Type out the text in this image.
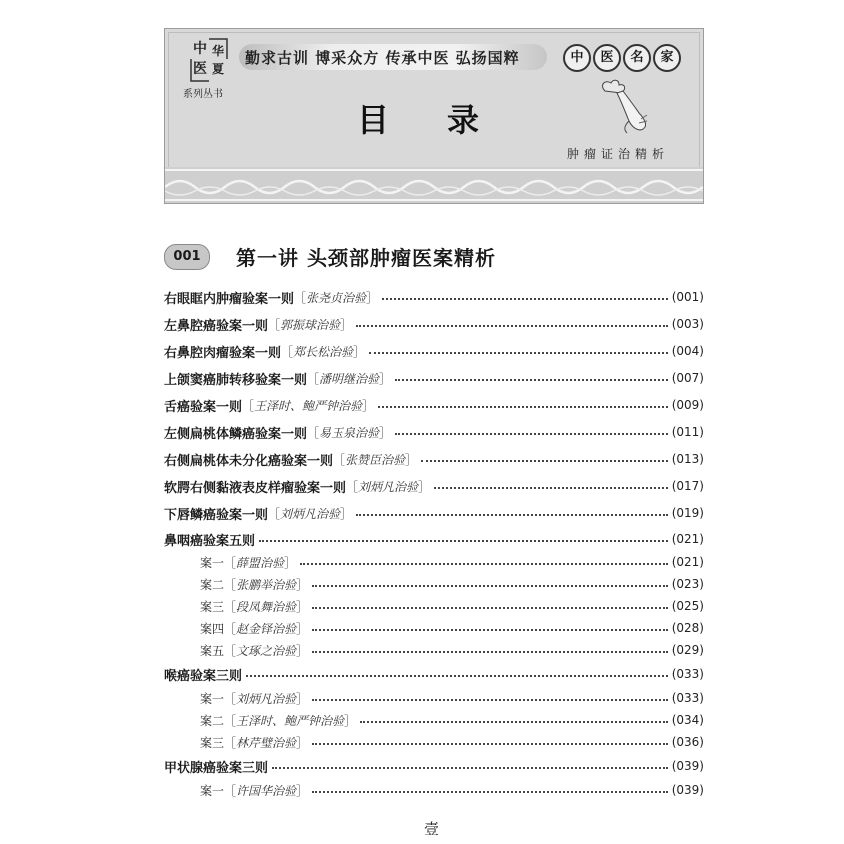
中 华
医 夏
系列丛书
勤求古训 博采众方 传承中医 弘扬国粹	中	医	名	家
目录
肿瘤证治精析
001	第一讲 头颈部肿瘤医案精析
右眼眶内肿瘤验案一则	［ 张尧贞治验 ］	(001)
左鼻腔癌验案一则	［ 郭振球治验 ］	(003)
右鼻腔肉瘤验案一则	［ 郑长松治验 ］	(004)
上颌窦癌肺转移验案一则	［ 潘明继治验 ］	(007)
舌癌验案一则	［ 王泽时、鲍严钟治验 ］	(009)
左侧扁桃体鳞癌验案一则	［ 易玉泉治验 ］	(011)
右侧扁桃体未分化癌验案一则	［ 张赞臣治验 ］	(013)
软腭右侧黏液表皮样瘤验案一则	［ 刘炳凡治验 ］	(017)
下唇鳞癌验案一则	［ 刘炳凡治验 ］	(019)
鼻咽癌验案五则	(021)
案一	［ 薛盟治验 ］	(021)
案二	［ 张鹏举治验 ］	(023)
案三	［ 段凤舞治验 ］	(025)
案四	［ 赵金铎治验 ］	(028)
案五	［ 文琢之治验 ］	(029)
喉癌验案三则	(033)
案一	［ 刘炳凡治验 ］	(033)
案二	［ 王泽时、鲍严钟治验 ］	(034)
案三	［ 林芹璧治验 ］	(036)
甲状腺癌验案三则	(039)
案一	［ 许国华治验 ］	(039)
壹
